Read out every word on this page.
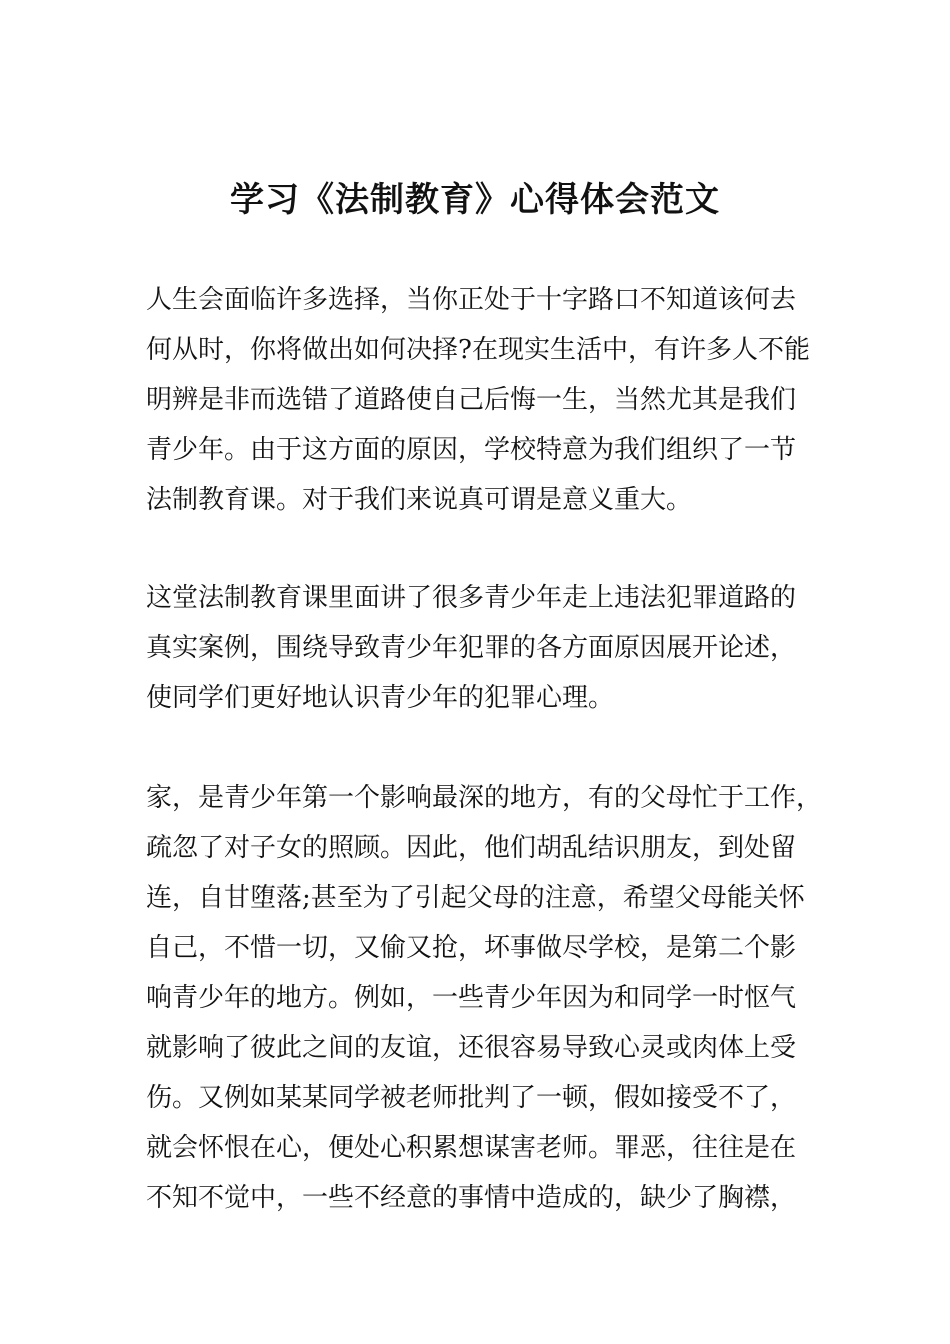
学习《法制教育》心得体会范文
人生会面临许多选择，当你正处于十字路口不知道该何去
何从时，你将做出如何决择?在现实生活中，有许多人不能
明辨是非而选错了道路使自己后悔一生，当然尤其是我们
青少年。由于这方面的原因，学校特意为我们组织了一节
法制教育课。对于我们来说真可谓是意义重大。
这堂法制教育课里面讲了很多青少年走上违法犯罪道路的
真实案例，围绕导致青少年犯罪的各方面原因展开论述，
使同学们更好地认识青少年的犯罪心理。
家，是青少年第一个影响最深的地方，有的父母忙于工作，
疏忽了对子女的照顾。因此，他们胡乱结识朋友，到处留
连，自甘堕落;甚至为了引起父母的注意，希望父母能关怀
自己，不惜一切，又偷又抢，坏事做尽学校，是第二个影
响青少年的地方。例如，一些青少年因为和同学一时怄气
就影响了彼此之间的友谊，还很容易导致心灵或肉体上受
伤。又例如某某同学被老师批判了一顿，假如接受不了，
就会怀恨在心，便处心积累想谋害老师。罪恶，往往是在
不知不觉中，一些不经意的事情中造成的，缺少了胸襟，
